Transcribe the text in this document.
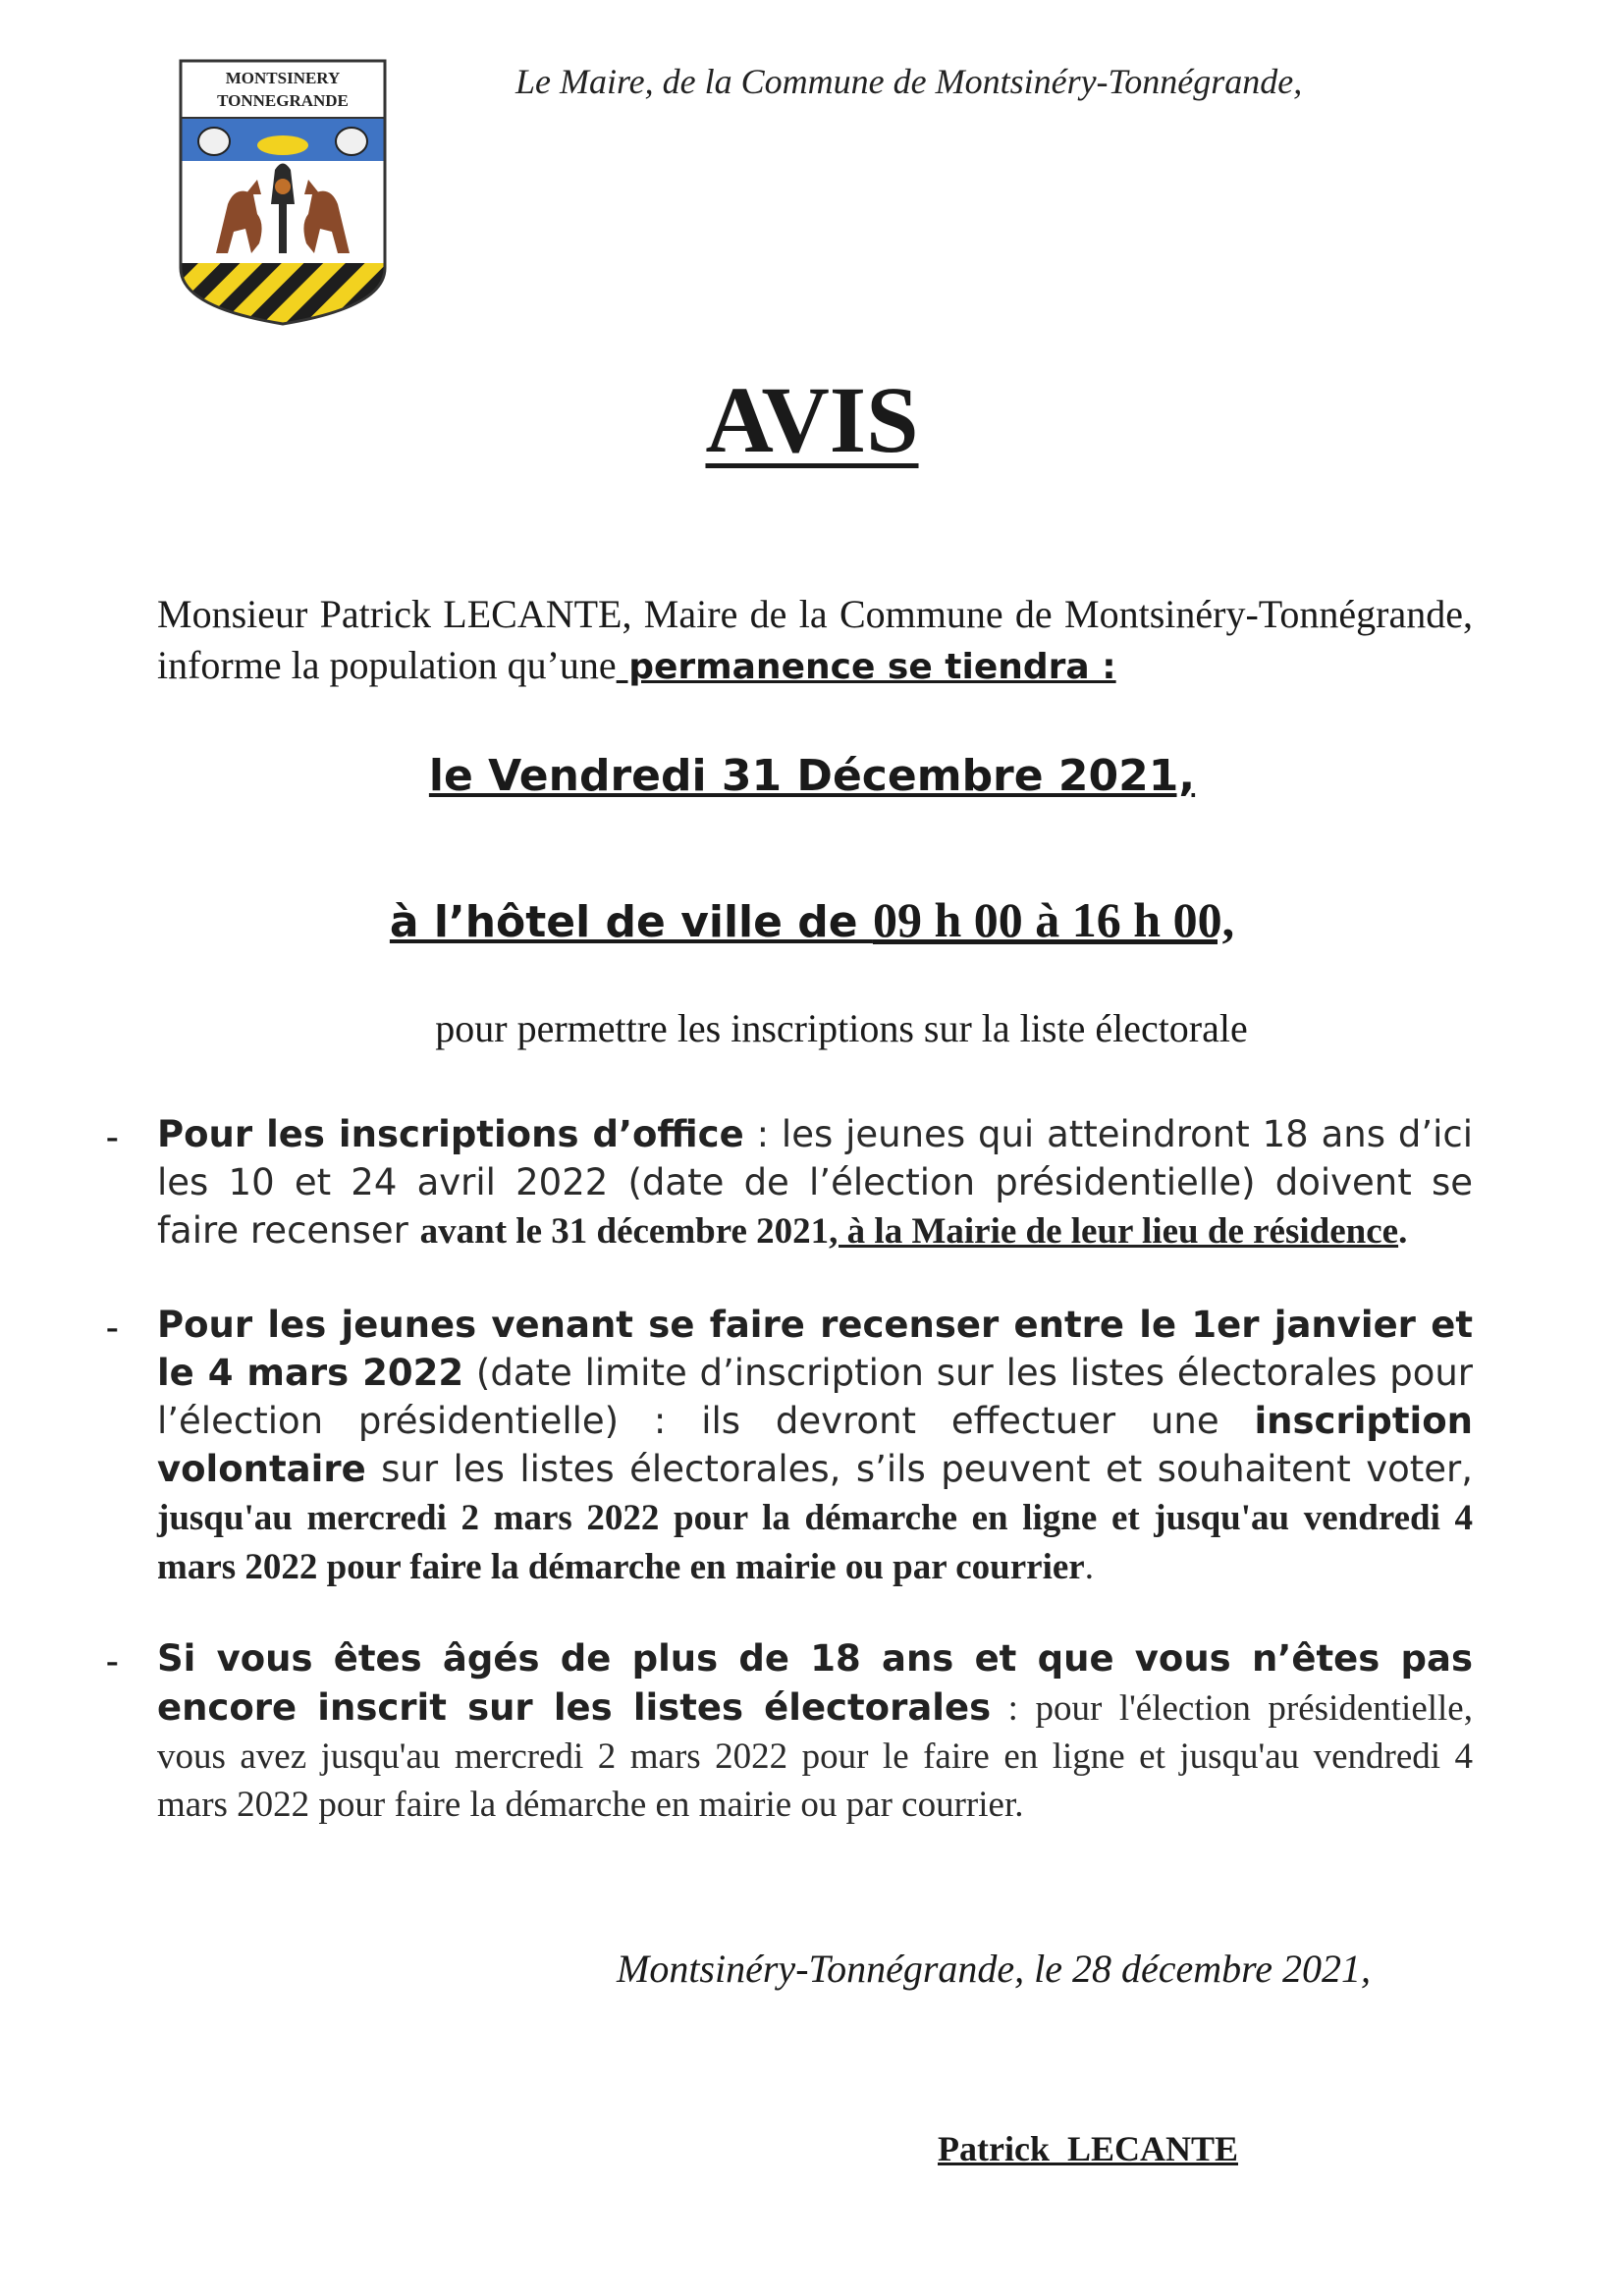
MONTSINERY
TONNEGRANDE	Le Maire, de la Commune de Montsinéry-Tonnégrande,
AVIS
Monsieur Patrick LECANTE, Maire de la Commune de Montsinéry-Tonnégrande, informe la population qu’une permanence se tiendra :
le Vendredi 31 Décembre 2021,
à l’hôtel de ville de 09 h 00 à 16 h 00,
pour permettre les inscriptions sur la liste électorale
- Pour les inscriptions d’office : les jeunes qui atteindront 18 ans d’ici les 10 et 24 avril 2022 (date de l’élection présidentielle) doivent se faire recenser avant le 31 décembre 2021, à la Mairie de leur lieu de résidence.
- Pour les jeunes venant se faire recenser entre le 1er janvier et le 4 mars 2022 (date limite d’inscription sur les listes électorales pour l’élection présidentielle) : ils devront effectuer une inscription volontaire sur les listes électorales, s’ils peuvent et souhaitent voter, jusqu'au mercredi 2 mars 2022 pour la démarche en ligne et jusqu'au vendredi 4 mars 2022 pour faire la démarche en mairie ou par courrier.
- Si vous êtes âgés de plus de 18 ans et que vous n’êtes pas encore inscrit sur les listes électorales : pour l'élection présidentielle, vous avez jusqu'au mercredi 2 mars 2022 pour le faire en ligne et jusqu'au vendredi 4 mars 2022 pour faire la démarche en mairie ou par courrier.
Montsinéry-Tonnégrande, le 28 décembre 2021,
Patrick  LECANTE
